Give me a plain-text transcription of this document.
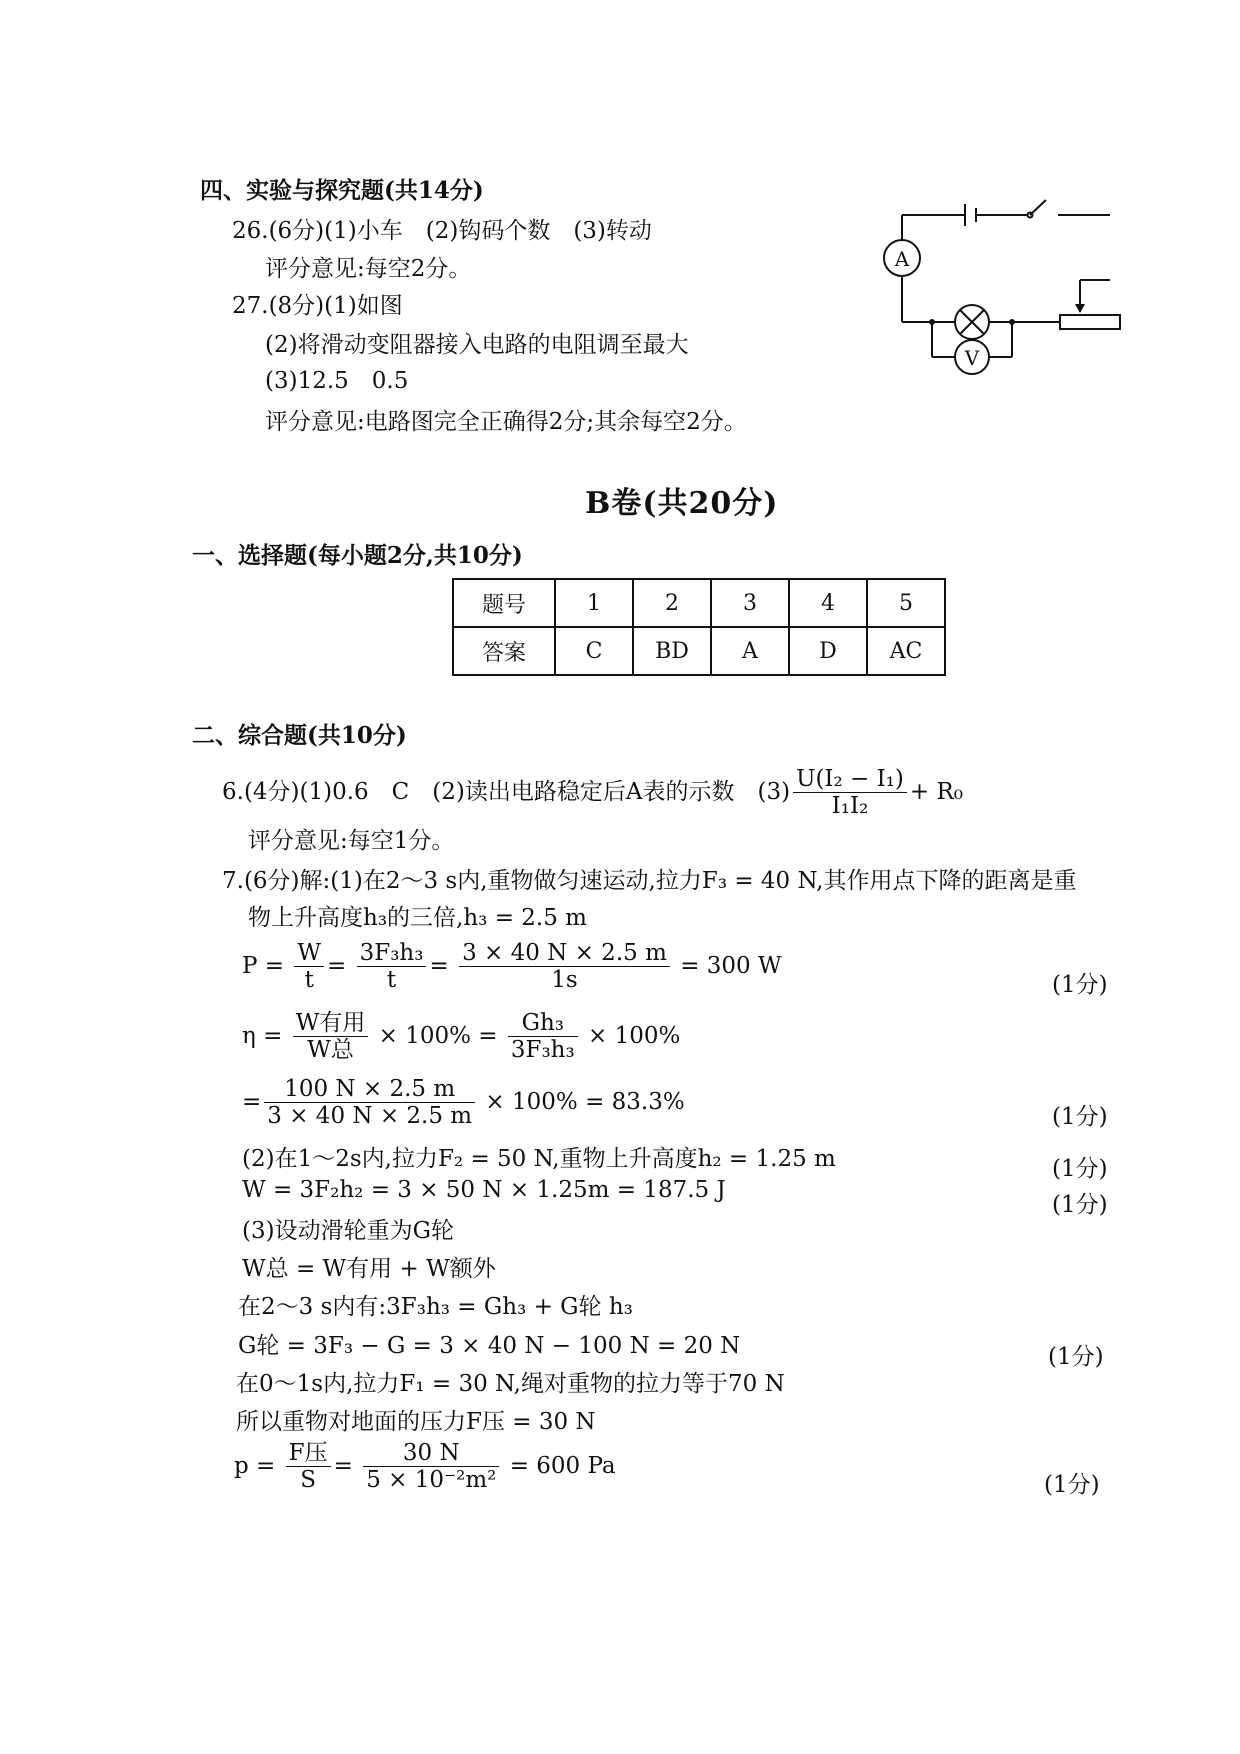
四、实验与探究题(共14分)
26.(6分)(1)小车　(2)钩码个数　(3)转动
评分意见:每空2分。
27.(8分)(1)如图
(2)将滑动变阻器接入电路的电阻调至最大
(3)12.5　0.5
评分意见:电路图完全正确得2分;其余每空2分。
A
V
B卷(共20分)
一、选择题(每小题2分,共10分)
题号	1	2	3	4	5
答案	C	BD	A	D	AC
二、综合题(共10分)
6.(4分)(1)0.6　C　(2)读出电路稳定后A表的示数　$(3) \frac{\text{U(I₂ − I₁)}}{\text{I₁I₂}} + R_0$
评分意见:每空1分。
7.(6分)解:(1)在2～3 s内,重物做匀速运动,拉力F₃ = 40 N,其作用点下降的距离是重
物上升高度h₃的三倍,h₃ = 2.5 m
$P = \frac{W}{t} = \frac{\text{3F₃h₃}}{t} = \frac{3 \times 40 N \times 2.5 m}{1s} = 300$ W
(1分)
$\eta = \frac{\text{W有用}}{\text{W总}} \times 100\% = \frac{\text{Gh₃}}{\text{3F₃h₃}} \times 100\%$
= $\frac{100 N \times 2.5 m}{3 \times 40 N \times 2.5 m} \times 100\% = 83.3\%$
(1分)
(2)在1～2s内,拉力F₂ = 50 N,重物上升高度h₂ = 1.25 m	(1分)
W = 3F₂h₂ = 3 × 50 N × 1.25m = 187.5 J
(1分)
(3)设动滑轮重为G轮
W总 = W有用 + W额外
在2～3 s内有:3F₃h₃ = Gh₃ + G轮 h₃
G轮 = 3F₃ − G = 3 × 40 N − 100 N = 20 N	(1分)
在0～1s内,拉力F₁ = 30 N,绳对重物的拉力等于70 N
所以重物对地面的压力F压 = 30 N
$p = \frac{\text{F压}}{S} = \frac{30 N}{\text{5 × 10⁻²m²}} = 600$ Pa
(1分)
